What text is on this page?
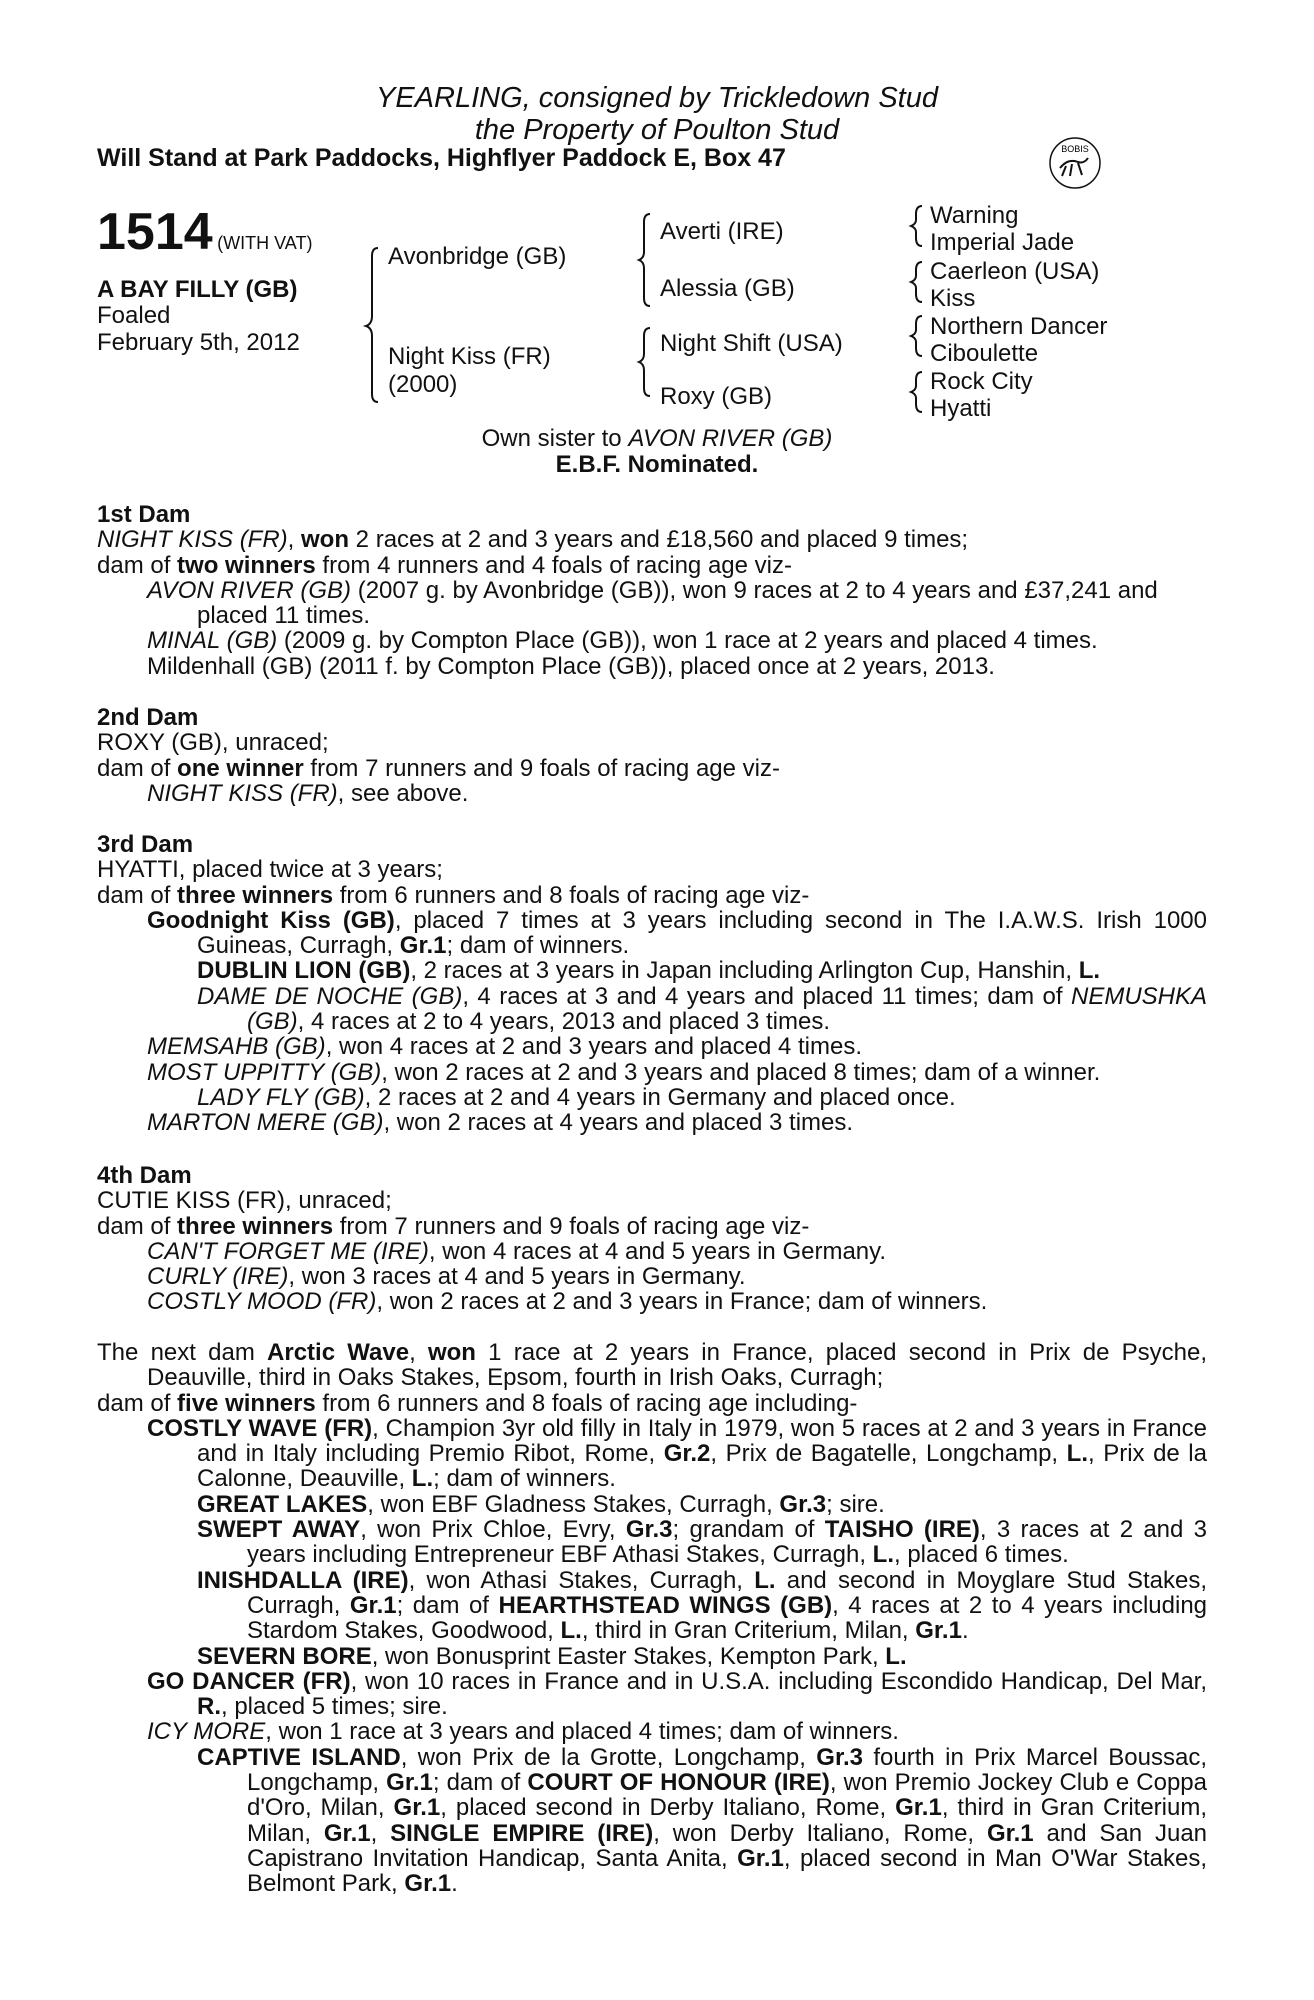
YEARLING, consigned by Trickledown Stud
the Property of Poulton Stud
Will Stand at Park Paddocks, Highflyer Paddock E, Box 47	BOBIS
1514 (WITH VAT)
A BAY FILLY (GB)
Foaled
February 5th, 2012
Avonbridge (GB)
Night Kiss (FR)
(2000)
Averti (IRE)
Alessia (GB)
Night Shift (USA)
Roxy (GB)
Warning
Imperial Jade
Caerleon (USA)
Kiss
Northern Dancer
Ciboulette
Rock City
Hyatti
Own sister to AVON RIVER (GB)
E.B.F. Nominated.

1st Dam

NIGHT KISS (FR), won 2 races at 2 and 3 years and £18,560 and placed 9 times;

dam of two winners from 4 runners and 4 foals of racing age viz-

AVON RIVER (GB) (2007 g. by Avonbridge (GB)), won 9 races at 2 to 4 years and £37,241 and placed 11 times.

MINAL (GB) (2009 g. by Compton Place (GB)), won 1 race at 2 years and placed 4 times.

Mildenhall (GB) (2011 f. by Compton Place (GB)), placed once at 2 years, 2013.

2nd Dam

ROXY (GB), unraced;

dam of one winner from 7 runners and 9 foals of racing age viz-

NIGHT KISS (FR), see above.

3rd Dam

HYATTI, placed twice at 3 years;

dam of three winners from 6 runners and 8 foals of racing age viz-

Goodnight Kiss (GB), placed 7 times at 3 years including second in The I.A.W.S. Irish 1000 Guineas, Curragh, Gr.1; dam of winners.

DUBLIN LION (GB), 2 races at 3 years in Japan including Arlington Cup, Hanshin, L.

DAME DE NOCHE (GB), 4 races at 3 and 4 years and placed 11 times; dam of NEMUSHKA (GB), 4 races at 2 to 4 years, 2013 and placed 3 times.

MEMSAHB (GB), won 4 races at 2 and 3 years and placed 4 times.

MOST UPPITTY (GB), won 2 races at 2 and 3 years and placed 8 times; dam of a winner.

LADY FLY (GB), 2 races at 2 and 4 years in Germany and placed once.

MARTON MERE (GB), won 2 races at 4 years and placed 3 times.

4th Dam

CUTIE KISS (FR), unraced;

dam of three winners from 7 runners and 9 foals of racing age viz-

CAN'T FORGET ME (IRE), won 4 races at 4 and 5 years in Germany.

CURLY (IRE), won 3 races at 4 and 5 years in Germany.

COSTLY MOOD (FR), won 2 races at 2 and 3 years in France; dam of winners.

The next dam Arctic Wave, won 1 race at 2 years in France, placed second in Prix de Psyche, Deauville, third in Oaks Stakes, Epsom, fourth in Irish Oaks, Curragh;

dam of five winners from 6 runners and 8 foals of racing age including-

COSTLY WAVE (FR), Champion 3yr old filly in Italy in 1979, won 5 races at 2 and 3 years in France and in Italy including Premio Ribot, Rome, Gr.2, Prix de Bagatelle, Longchamp, L., Prix de la Calonne, Deauville, L.; dam of winners.

GREAT LAKES, won EBF Gladness Stakes, Curragh, Gr.3; sire.

SWEPT AWAY, won Prix Chloe, Evry, Gr.3; grandam of TAISHO (IRE), 3 races at 2 and 3 years including Entrepreneur EBF Athasi Stakes, Curragh, L., placed 6 times.

INISHDALLA (IRE), won Athasi Stakes, Curragh, L. and second in Moyglare Stud Stakes, Curragh, Gr.1; dam of HEARTHSTEAD WINGS (GB), 4 races at 2 to 4 years including Stardom Stakes, Goodwood, L., third in Gran Criterium, Milan, Gr.1.

SEVERN BORE, won Bonusprint Easter Stakes, Kempton Park, L.

GO DANCER (FR), won 10 races in France and in U.S.A. including Escondido Handicap, Del Mar, R., placed 5 times; sire.

ICY MORE, won 1 race at 3 years and placed 4 times; dam of winners.

CAPTIVE ISLAND, won Prix de la Grotte, Longchamp, Gr.3 fourth in Prix Marcel Boussac, Longchamp, Gr.1; dam of COURT OF HONOUR (IRE), won Premio Jockey Club e Coppa d'Oro, Milan, Gr.1, placed second in Derby Italiano, Rome, Gr.1, third in Gran Criterium, Milan, Gr.1, SINGLE EMPIRE (IRE), won Derby Italiano, Rome, Gr.1 and San Juan Capistrano Invitation Handicap, Santa Anita, Gr.1, placed second in Man O'War Stakes, Belmont Park, Gr.1.
